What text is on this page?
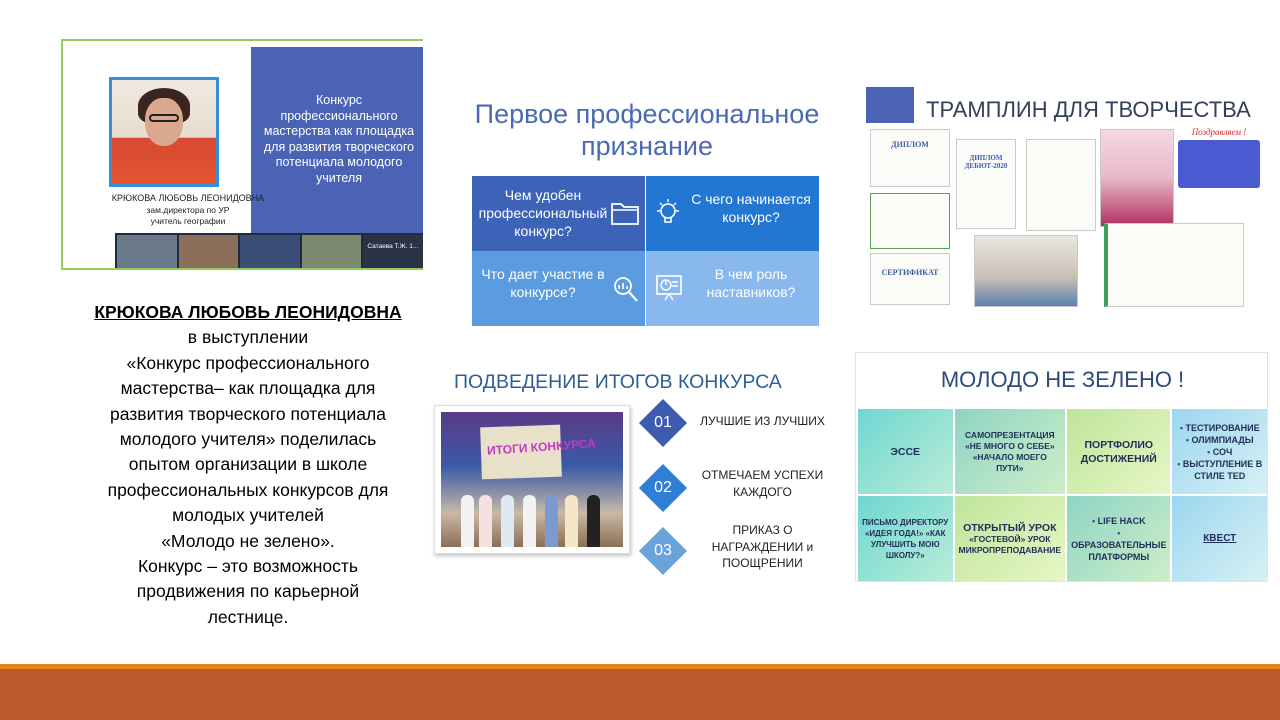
Конкурс профессионального мастерства как площадка для развития творческого потенциала молодого учителя
КРЮКОВА ЛЮБОВЬ ЛЕОНИДОВНА
зам.директора по УР
учитель географии
Сатаева Т.Ж. 1...
КРЮКОВА ЛЮБОВЬ ЛЕОНИДОВНА
в выступлении
«Конкурс профессионального
мастерства– как площадка для
развития творческого потенциала
молодого учителя» поделилась
опытом организации в школе
профессиональных конкурсов для
молодых учителей
«Молодо не зелено».
Конкурс – это возможность
продвижения по карьерной
лестнице.
Первое профессиональное
признание
Чем удобен профессиональный конкурс?
С чего начинается конкурс?
Что дает участие в конкурсе?
В чем роль наставников?
ТРАМПЛИН ДЛЯ ТВОРЧЕСТВА
ДИПЛОМ
СЕРТИФИКАТ
ДИПЛОМ ДЕБЮТ-2020
Поздравляем !
ПОДВЕДЕНИЕ ИТОГОВ КОНКУРСА
ИТОГИ КОНКУРСА
01	ЛУЧШИЕ ИЗ ЛУЧШИХ
02
ОТМЕЧАЕМ УСПЕХИ КАЖДОГО
03
ПРИКАЗ О НАГРАЖДЕНИИ и ПООЩРЕНИИ
МОЛОДО НЕ ЗЕЛЕНО !
ЭССЕ
САМОПРЕЗЕНТАЦИЯ «НЕ МНОГО О СЕБЕ» «НАЧАЛО МОЕГО ПУТИ»
ПОРТФОЛИО ДОСТИЖЕНИЙ
• ТЕСТИРОВАНИЕ
• ОЛИМПИАДЫ
• СОЧ
• ВЫСТУПЛЕНИЕ В СТИЛЕ TED
ПИСЬМО ДИРЕКТОРУ «ИДЕЯ ГОДА!» «КАК УЛУЧШИТЬ МОЮ ШКОЛУ?»
ОТКРЫТЫЙ УРОК
«ГОСТЕВОЙ» УРОК МИКРОПРЕПОДАВАНИЕ
• LIFE HACK
• ОБРАЗОВАТЕЛЬНЫЕ ПЛАТФОРМЫ
КВЕСТ
